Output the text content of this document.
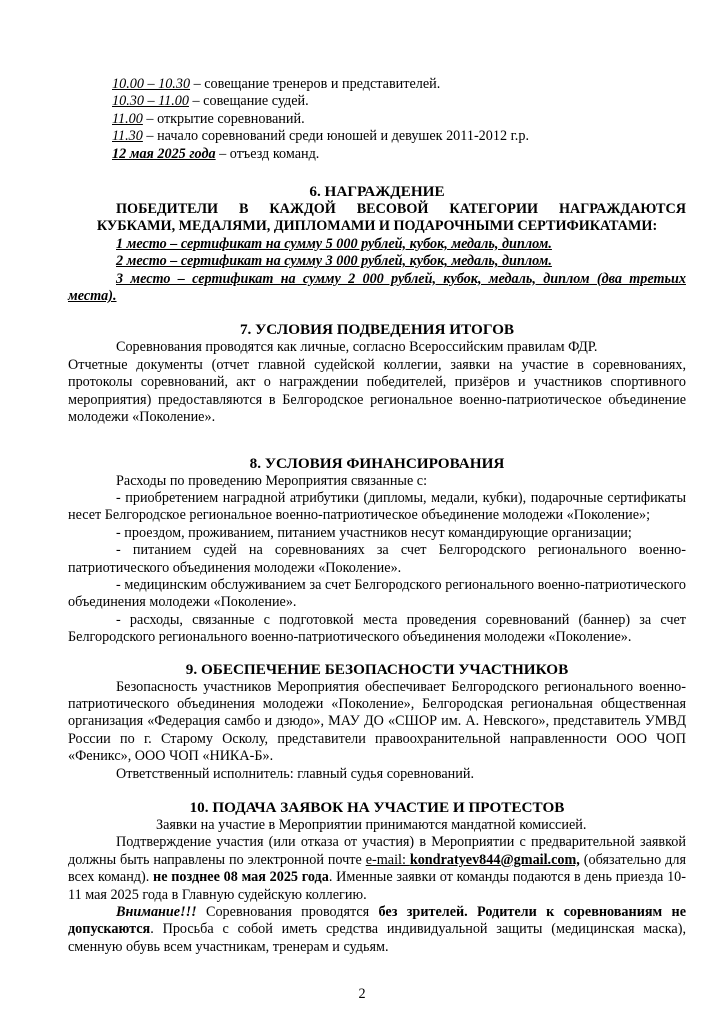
10.00 – 10.30 – совещание тренеров и представителей.

10.30 – 11.00 – совещание судей.

11.00 – открытие соревнований.

11.30 – начало соревнований среди юношей и девушек 2011-2012 г.р.

12 мая 2025 года – отъезд команд.

6. НАГРАЖДЕНИЕ

ПОБЕДИТЕЛИ В КАЖДОЙ ВЕСОВОЙ КАТЕГОРИИ НАГРАЖДАЮТСЯ

КУБКАМИ, МЕДАЛЯМИ, ДИПЛОМАМИ И ПОДАРОЧНЫМИ СЕРТИФИКАТАМИ:

1 место – сертификат на сумму 5 000 рублей, кубок, медаль, диплом.

2 место – сертификат на сумму 3 000 рублей, кубок, медаль, диплом.

3 место – сертификат на сумму 2 000 рублей, кубок, медаль, диплом (два третьих места).

7. УСЛОВИЯ ПОДВЕДЕНИЯ ИТОГОВ

Соревнования проводятся как личные, согласно Всероссийским правилам ФДР.

Отчетные документы (отчет главной судейской коллегии, заявки на участие в соревнованиях, протоколы соревнований, акт о награждении победителей, призёров и участников спортивного мероприятия) предоставляются в Белгородское региональное военно-патриотическое объединение молодежи «Поколение».

8. УСЛОВИЯ ФИНАНСИРОВАНИЯ

Расходы по проведению Мероприятия связанные с:

- приобретением наградной атрибутики (дипломы, медали, кубки), подарочные сертификаты несет Белгородское региональное военно-патриотическое объединение молодежи «Поколение»;

- проездом, проживанием, питанием участников несут командирующие организации;

- питанием судей на соревнованиях за счет Белгородского регионального военно-патриотического объединения молодежи «Поколение».

- медицинским обслуживанием за счет Белгородского регионального военно-патриотического объединения молодежи «Поколение».

- расходы, связанные с подготовкой места проведения соревнований (баннер) за счет Белгородского регионального военно-патриотического объединения молодежи «Поколение».

9. ОБЕСПЕЧЕНИЕ БЕЗОПАСНОСТИ УЧАСТНИКОВ

Безопасность участников Мероприятия обеспечивает Белгородского регионального военно-патриотического объединения молодежи «Поколение», Белгородская региональная общественная организация «Федерация самбо и дзюдо», МАУ ДО «СШОР им. А. Невского», представитель УМВД России по г. Старому Осколу, представители правоохранительной направленности ООО ЧОП «Феникс», ООО ЧОП «НИКА-Б».

Ответственный исполнитель: главный судья соревнований.

10. ПОДАЧА ЗАЯВОК НА УЧАСТИЕ И ПРОТЕСТОВ

Заявки на участие в Мероприятии принимаются мандатной комиссией.

Подтверждение участия (или отказа от участия) в Мероприятии с предварительной заявкой должны быть направлены по электронной почте e-mail: kondratyev844@gmail.com, (обязательно для всех команд). не позднее 08 мая 2025 года. Именные заявки от команды подаются в день приезда 10-11 мая 2025 года в Главную судейскую коллегию.

Внимание!!! Соревнования проводятся без зрителей. Родители к соревнованиям не допускаются. Просьба с собой иметь средства индивидуальной защиты (медицинская маска), сменную обувь всем участникам, тренерам и судьям.

2
